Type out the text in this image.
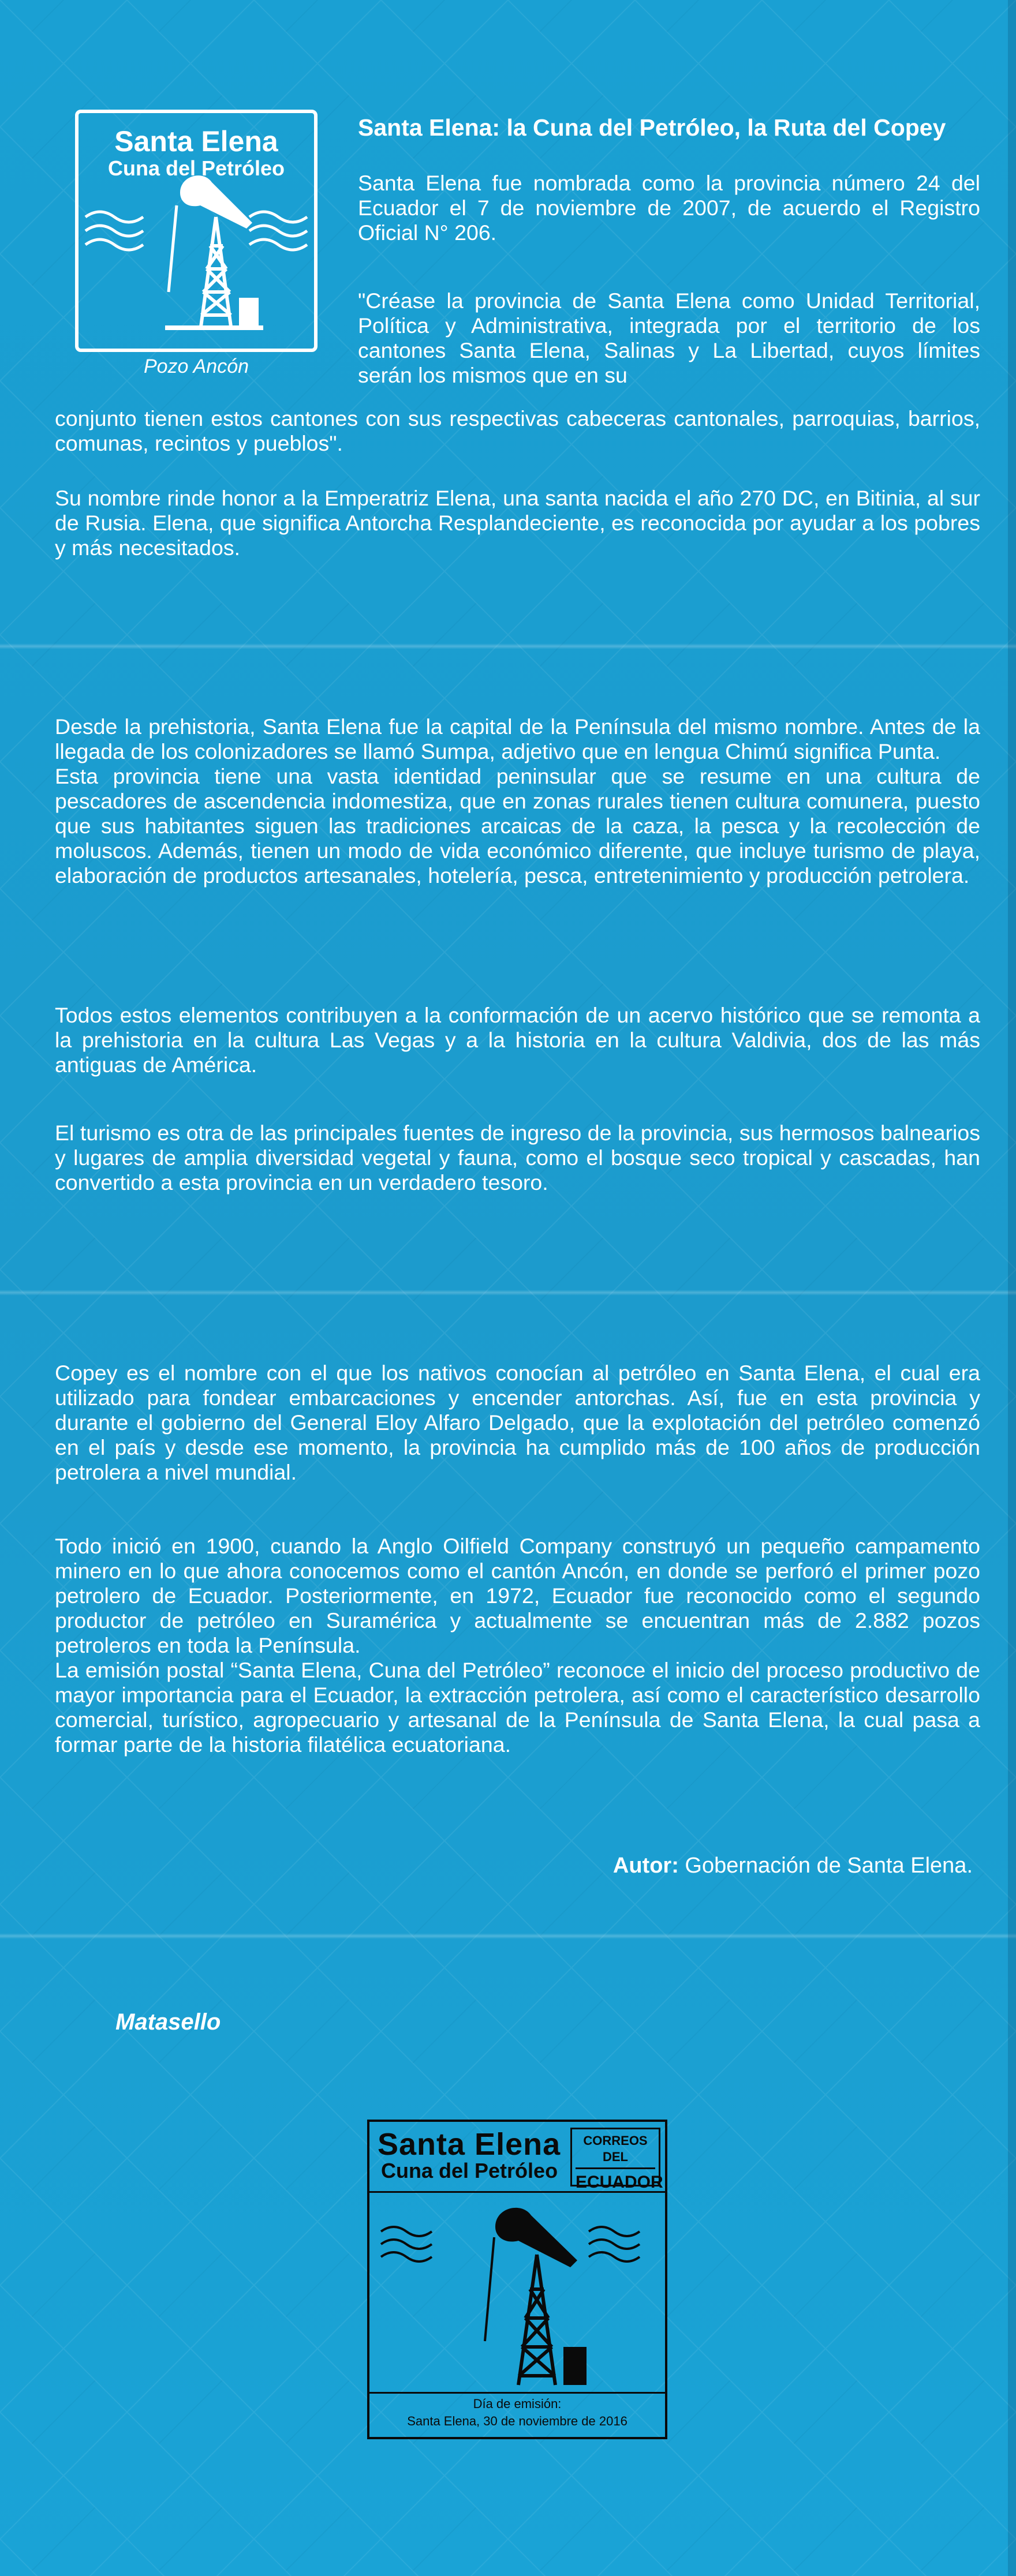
Santa Elena
Cuna del Petróleo
Pozo Ancón
Santa Elena: la Cuna del Petróleo, la Ruta del Copey

Santa Elena fue nombrada como la provincia número 24 del Ecuador el 7 de noviembre de 2007, de acuerdo el Registro Oficial N° 206.

"Créase la provincia de Santa Elena como Unidad Territorial, Política y Administrativa, integrada por el territorio de los cantones Santa Elena, Salinas y La Libertad, cuyos límites serán los mismos que en su

conjunto tienen estos cantones con sus respectivas cabeceras cantonales, parroquias, barrios, comunas, recintos y pueblos".

Su nombre rinde honor a la Emperatriz Elena, una santa nacida el año 270 DC, en Bitinia, al sur de Rusia. Elena, que significa Antorcha Resplandeciente, es reconocida por ayudar a los pobres y más necesitados.

Desde la prehistoria, Santa Elena fue la capital de la Península del mismo nombre. Antes de la llegada de los colonizadores se llamó Sumpa, adjetivo que en lengua Chimú significa Punta.
Esta provincia tiene una vasta identidad peninsular que se resume en una cultura de pescadores de ascendencia indomestiza, que en zonas rurales tienen cultura comunera, puesto que sus habitantes siguen las tradiciones arcaicas de la caza, la pesca y la recolección de moluscos. Además, tienen un modo de vida económico diferente, que incluye turismo de playa, elaboración de productos artesanales, hotelería, pesca, entretenimiento y producción petrolera.

Todos estos elementos contribuyen a la conformación de un acervo histórico que se remonta a la prehistoria en la cultura Las Vegas y a la historia en la cultura Valdivia, dos de las más antiguas de América.

El turismo es otra de las principales fuentes de ingreso de la provincia, sus hermosos balnearios y lugares de amplia diversidad vegetal y fauna, como el bosque seco tropical y cascadas, han convertido a esta provincia en un verdadero tesoro.

Copey es el nombre con el que los nativos conocían al petróleo en Santa Elena, el cual era utilizado para fondear embarcaciones y encender antorchas. Así, fue en esta provincia y durante el gobierno del General Eloy Alfaro Delgado, que la explotación del petróleo comenzó en el país y desde ese momento, la provincia ha cumplido más de 100 años de producción petrolera a nivel mundial.

Todo inició en 1900, cuando la Anglo Oilfield Company construyó un pequeño campamento minero en lo que ahora conocemos como el cantón Ancón, en donde se perforó el primer pozo petrolero de Ecuador. Posteriormente, en 1972, Ecuador fue reconocido como el segundo productor de petróleo en Suramérica y actualmente se encuentran más de 2.882 pozos petroleros en toda la Península.
La emisión postal “Santa Elena, Cuna del Petróleo” reconoce el inicio del proceso productivo de mayor importancia para el Ecuador, la extracción petrolera, así como el característico desarrollo comercial, turístico, agropecuario y artesanal de la Península de Santa Elena, la cual pasa a formar parte de la historia filatélica ecuatoriana.

Autor: Gobernación de Santa Elena.
Matasello
Santa Elena
Cuna del Petróleo
CORREOS DEL
ECUADOR
Día de emisión:
Santa Elena, 30 de noviembre de 2016
